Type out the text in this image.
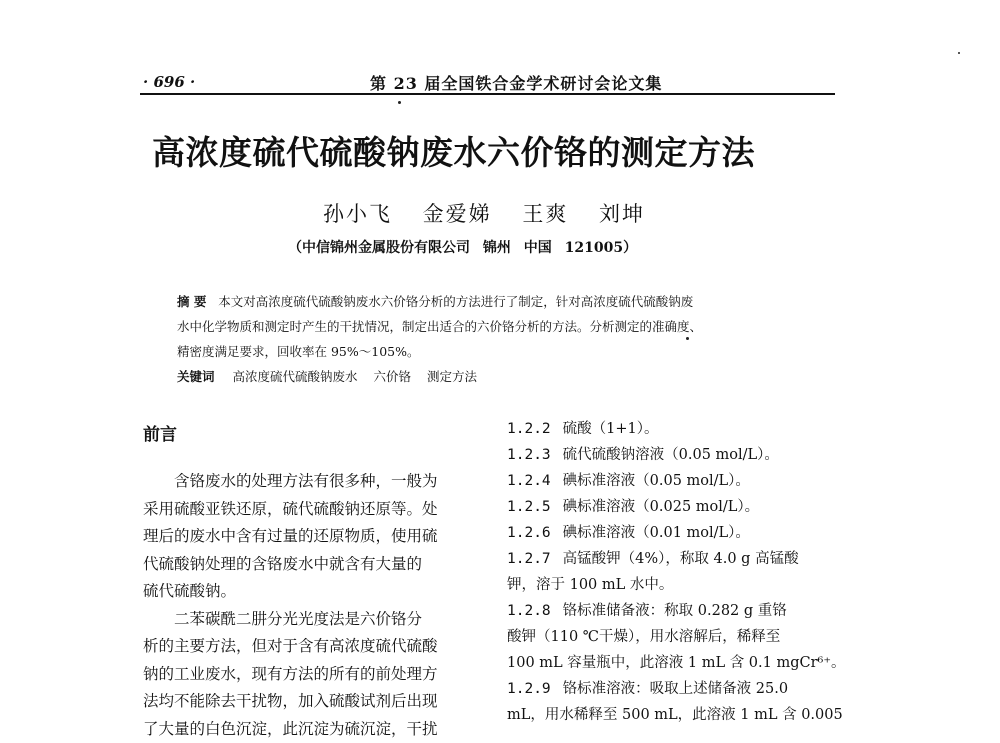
· 696 ·	第 23 届全国铁合金学术研讨会论文集
高浓度硫代硫酸钠废水六价铬的测定方法
孙小飞 金爱娣 王爽 刘坤
（中信锦州金属股份有限公司 锦州 中国 121005）

摘 要 本文对高浓度硫代硫酸钠废水六价铬分析的方法进行了制定，针对高浓度硫代硫酸钠废

水中化学物质和测定时产生的干扰情况，制定出适合的六价铬分析的方法。分析测定的准确度、

精密度满足要求，回收率在 95%～105%。

关键词 高浓度硫代硫酸钠废水 六价铬 测定方法
前言
含铬废水的处理方法有很多种，一般为
采用硫酸亚铁还原，硫代硫酸钠还原等。处
理后的废水中含有过量的还原物质，使用硫
代硫酸钠处理的含铬废水中就含有大量的
硫代硫酸钠。
二苯碳酰二肼分光光度法是六价铬分
析的主要方法，但对于含有高浓度硫代硫酸
钠的工业废水，现有方法的所有的前处理方
法均不能除去干扰物，加入硫酸试剂后出现
了大量的白色沉淀，此沉淀为硫沉淀，干扰
1.2.2 硫酸（1+1）。
1.2.3 硫代硫酸钠溶液（0.05 mol/L）。
1.2.4 碘标准溶液（0.05 mol/L）。
1.2.5 碘标准溶液（0.025 mol/L）。
1.2.6 碘标准溶液（0.01 mol/L）。
1.2.7 高锰酸钾（4%），称取 4.0 g 高锰酸
钾，溶于 100 mL 水中。
1.2.8 铬标准储备液：称取 0.282 g 重铬
酸钾（110 ℃干燥），用水溶解后，稀释至
100 mL 容量瓶中，此溶液 1 mL 含 0.1 mgCr⁶⁺。
1.2.9 铬标准溶液：吸取上述储备液 25.0
mL，用水稀释至 500 mL，此溶液 1 mL 含 0.005
